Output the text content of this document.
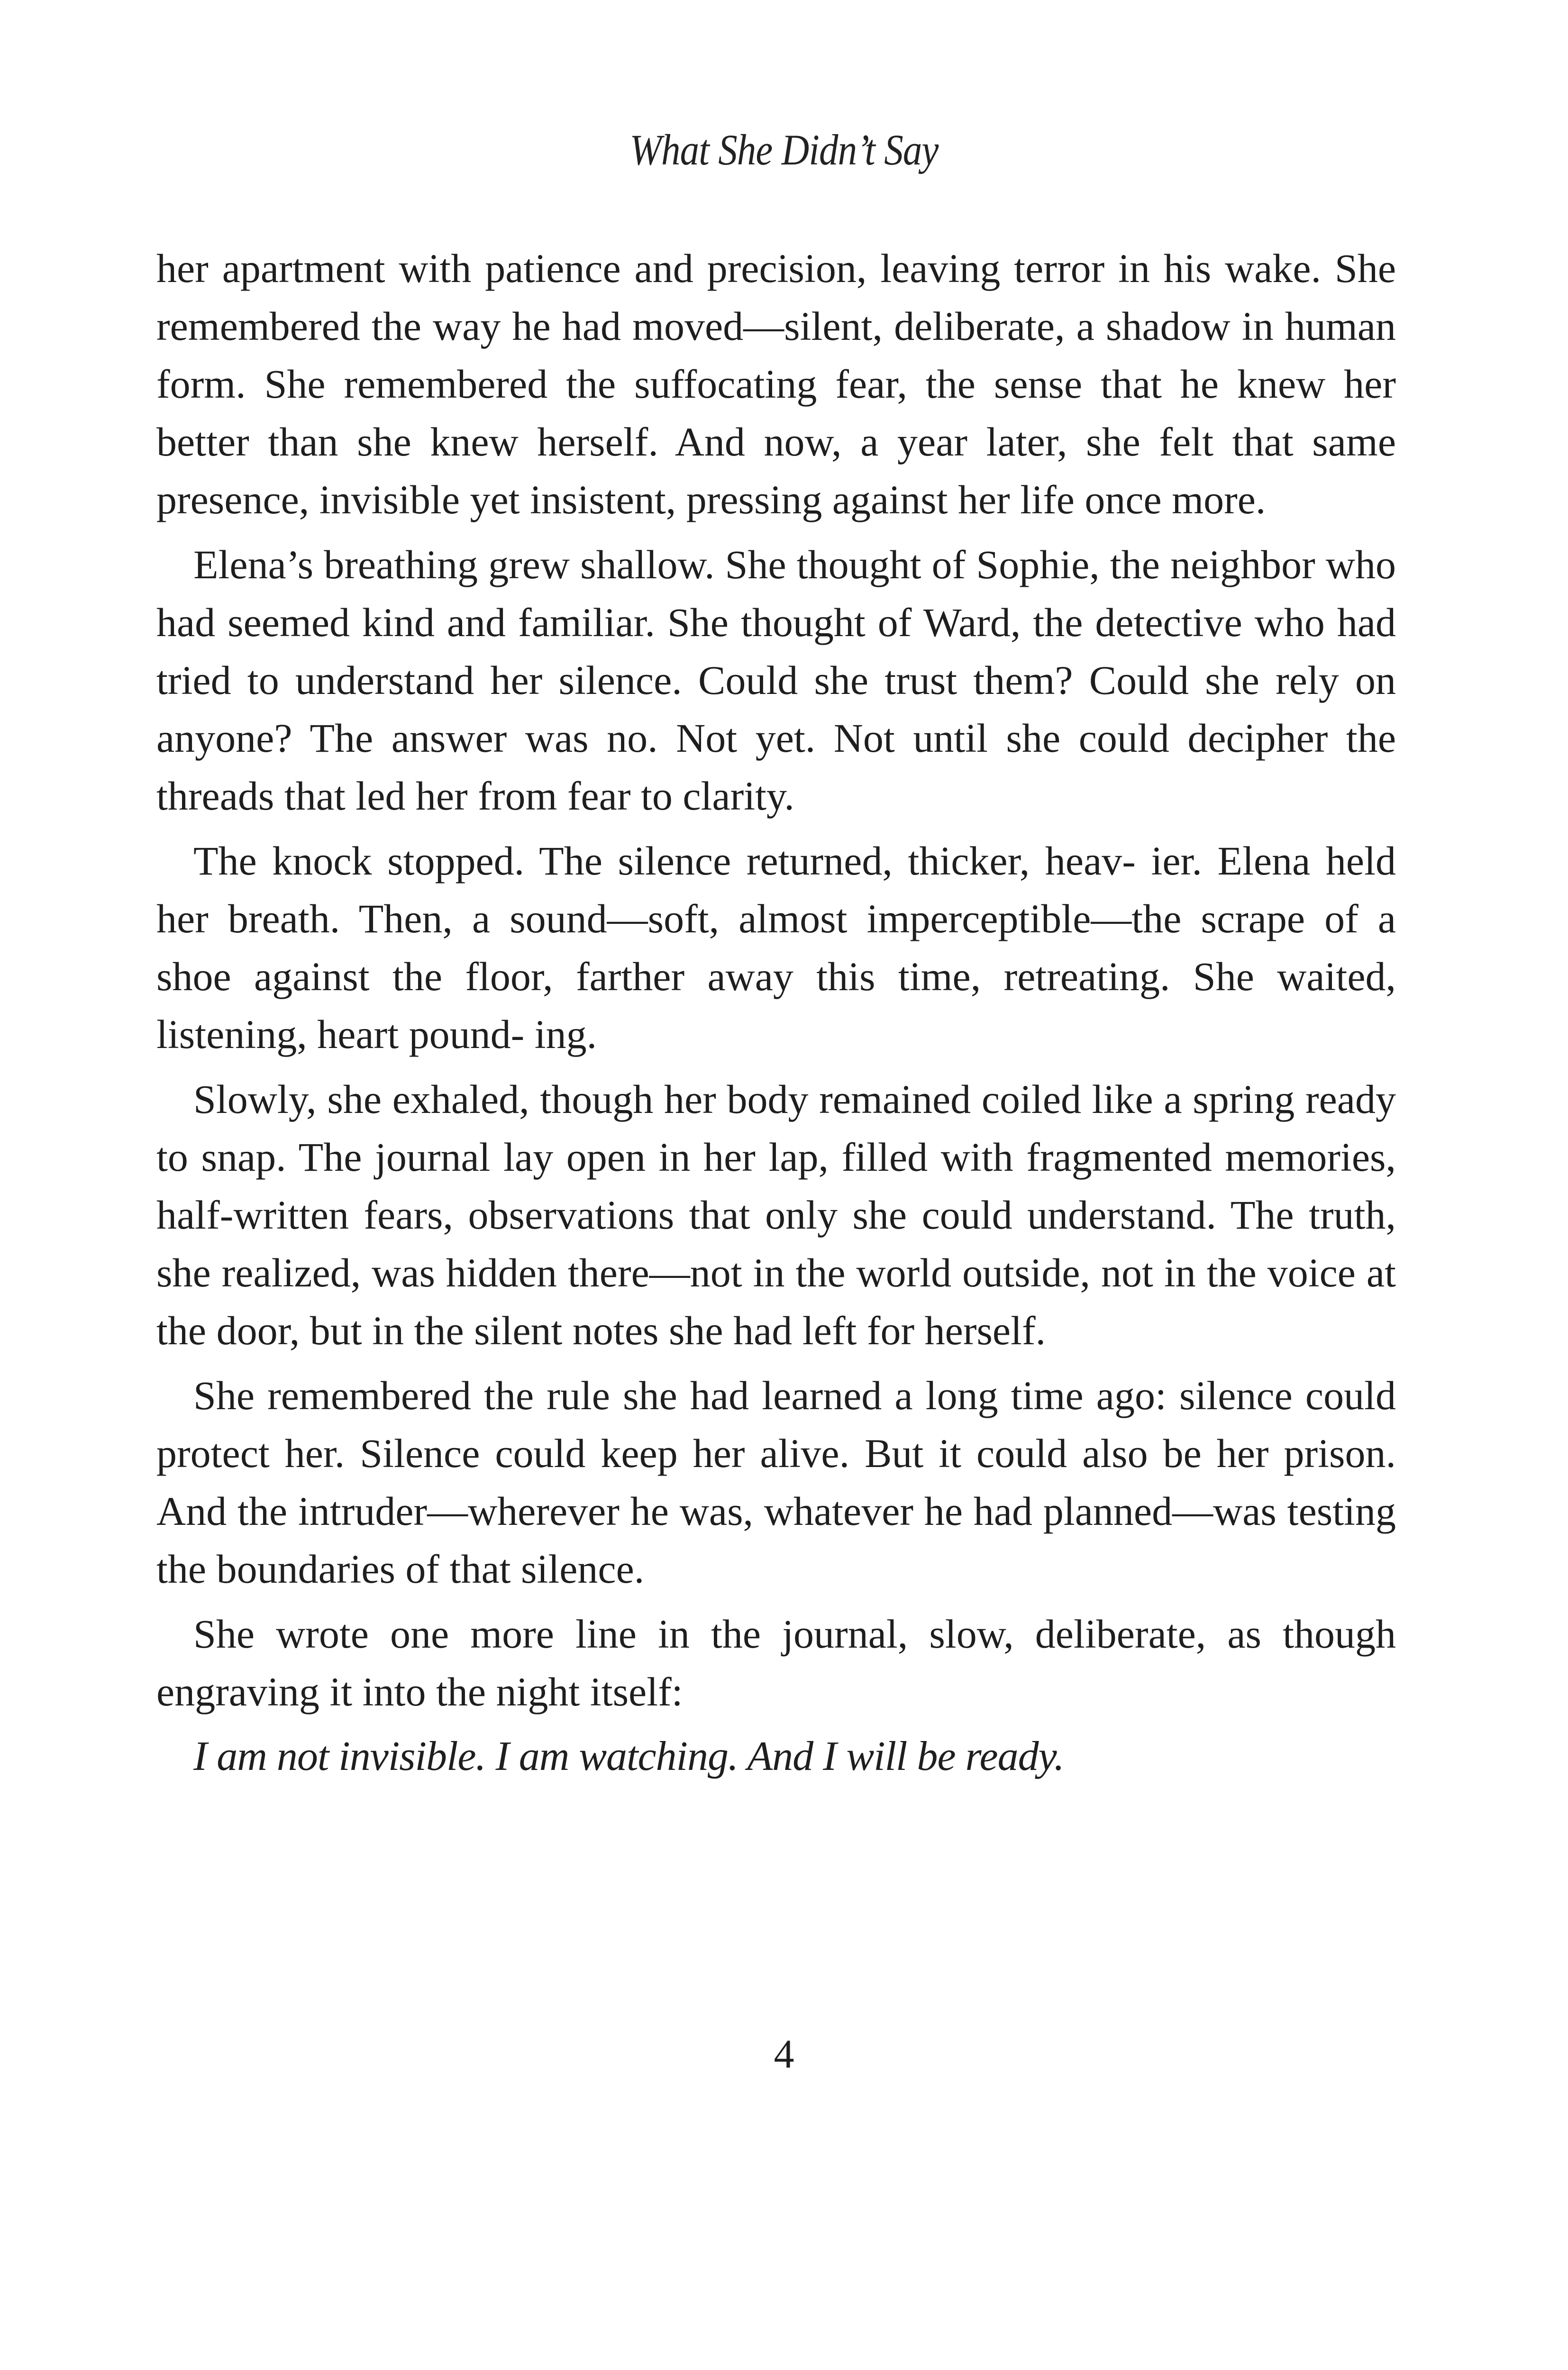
What She Didn’t Say

her apartment with patience and precision, leaving terror in his wake. She remembered the way he had moved—silent, deliberate, a shadow in human form. She remembered the suffocating fear, the sense that he knew her better than she knew herself. And now, a year later, she felt that same presence, invisible yet insistent, pressing against her life once more.

Elena’s breathing grew shallow. She thought of Sophie, the neighbor who had seemed kind and familiar. She thought of Ward, the detective who had tried to understand her silence. Could she trust them? Could she rely on anyone? The answer was no. Not yet. Not until she could decipher the threads that led her from fear to clarity.

The knock stopped. The silence returned, thicker, heav- ier. Elena held her breath. Then, a sound—soft, almost imperceptible—the scrape of a shoe against the floor, farther away this time, retreating. She waited, listening, heart pound- ing.

Slowly, she exhaled, though her body remained coiled like a spring ready to snap. The journal lay open in her lap, filled with fragmented memories, half-written fears, observations that only she could understand. The truth, she realized, was hidden there—not in the world outside, not in the voice at the door, but in the silent notes she had left for herself.

She remembered the rule she had learned a long time ago: silence could protect her. Silence could keep her alive. But it could also be her prison. And the intruder—wherever he was, whatever he had planned—was testing the boundaries of that silence.

She wrote one more line in the journal, slow, deliberate, as though engraving it into the night itself:

I am not invisible. I am watching. And I will be ready.

4
